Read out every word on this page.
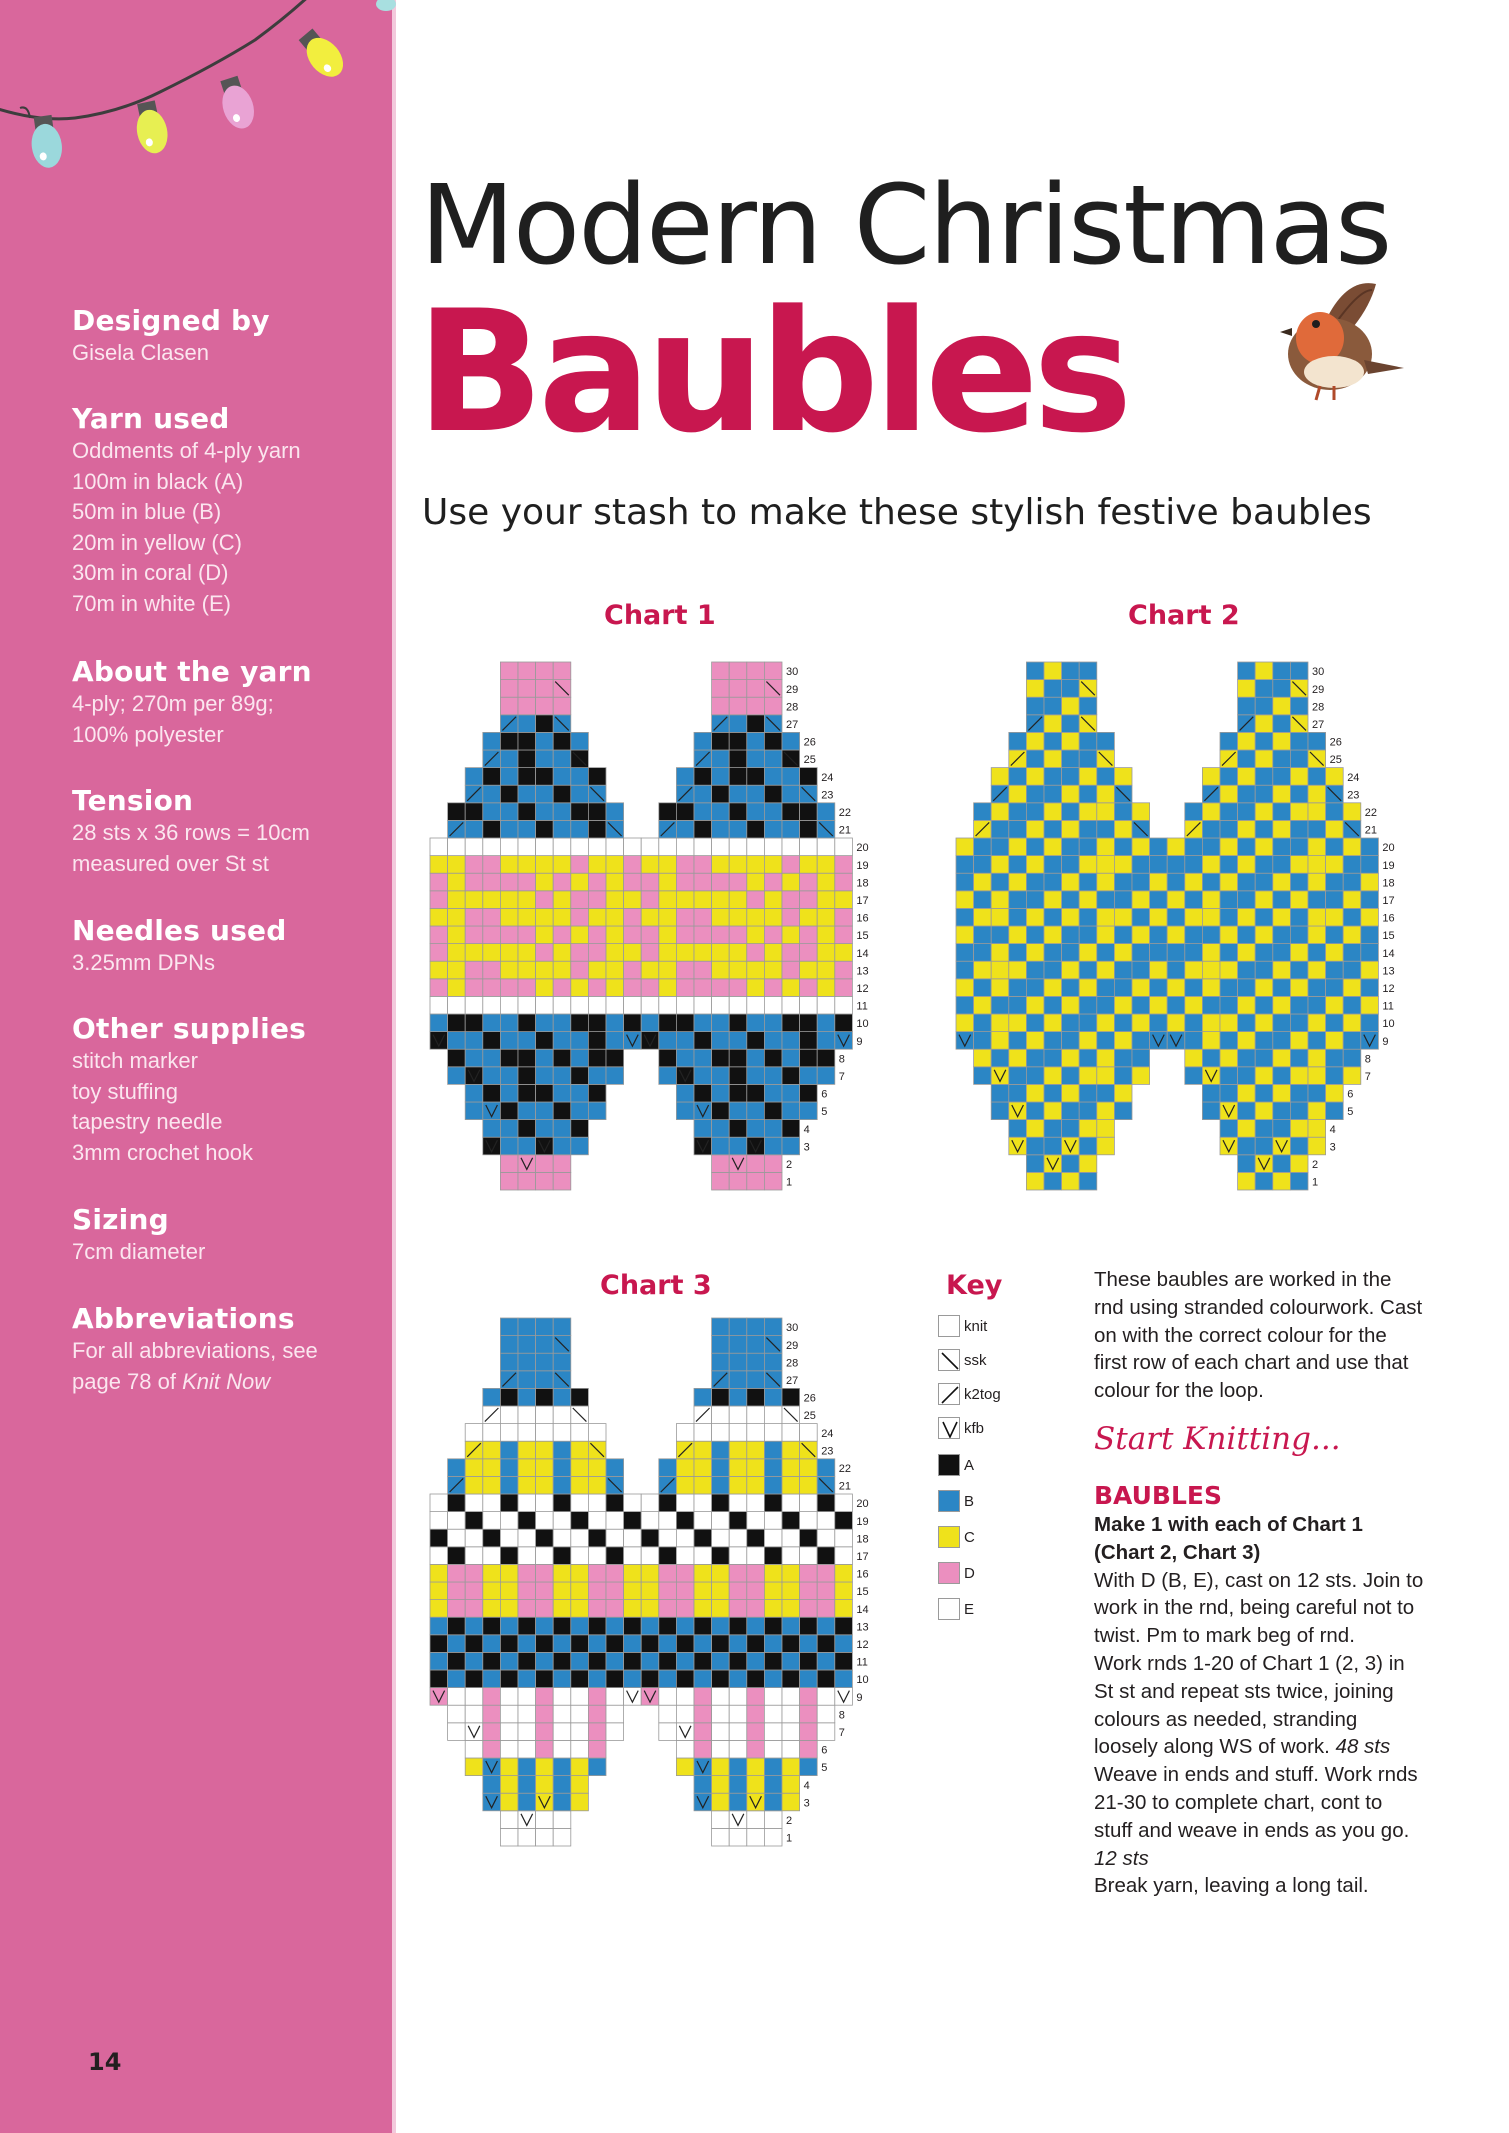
Designed by

Gisela Clasen

Yarn used

Oddments of 4-ply yarn

100m in black (A)

50m in blue (B)

20m in yellow (C)

30m in coral (D)

70m in white (E)

About the yarn

4-ply; 270m per 89g;

100% polyester

Tension

28 sts x 36 rows = 10cm

measured over St st

Needles used

3.25mm DPNs

Other supplies

stitch marker

toy stuffing

tapestry needle

3mm crochet hook

Sizing

7cm diameter

Abbreviations

For all abbreviations, see

page 78 of Knit Now

14
Modern Christmas
Baubles
Use your stash to make these stylish festive baubles
Chart 1	Chart 2
Chart 3
1
2
3
4
5
6
7
8
9
10
11
12
13
14
15
16
17
18
19
20
21
22
23
24
25
26
27
28
29
30
1
2
3
4
5
6
7
8
9
10
11
12
13
14
15
16
17
18
19
20
21
22
23
24
25
26
27
28
29
30
1
2
3
4
5
6
7
8
9
10
11
12
13
14
15
16
17
18
19
20
21
22
23
24
25
26
27
28
29
30
Key
knit
ssk
k2tog
kfb
A
B
C
D
E

These baubles are worked in the rnd using stranded colourwork. Cast on with the correct colour for the first row of each chart and use that colour for the loop.

Start Knitting...

BAUBLES

Make 1 with each of Chart 1 (Chart 2, Chart 3)

With D (B, E), cast on 12 sts. Join to work in the rnd, being careful not to twist. Pm to mark beg of rnd.

Work rnds 1-20 of Chart 1 (2, 3) in St st and repeat sts twice, joining colours as needed, stranding loosely along WS of work. 48 sts

Weave in ends and stuff. Work rnds 21-30 to complete chart, cont to stuff and weave in ends as you go. 12 sts

Break yarn, leaving a long tail.
